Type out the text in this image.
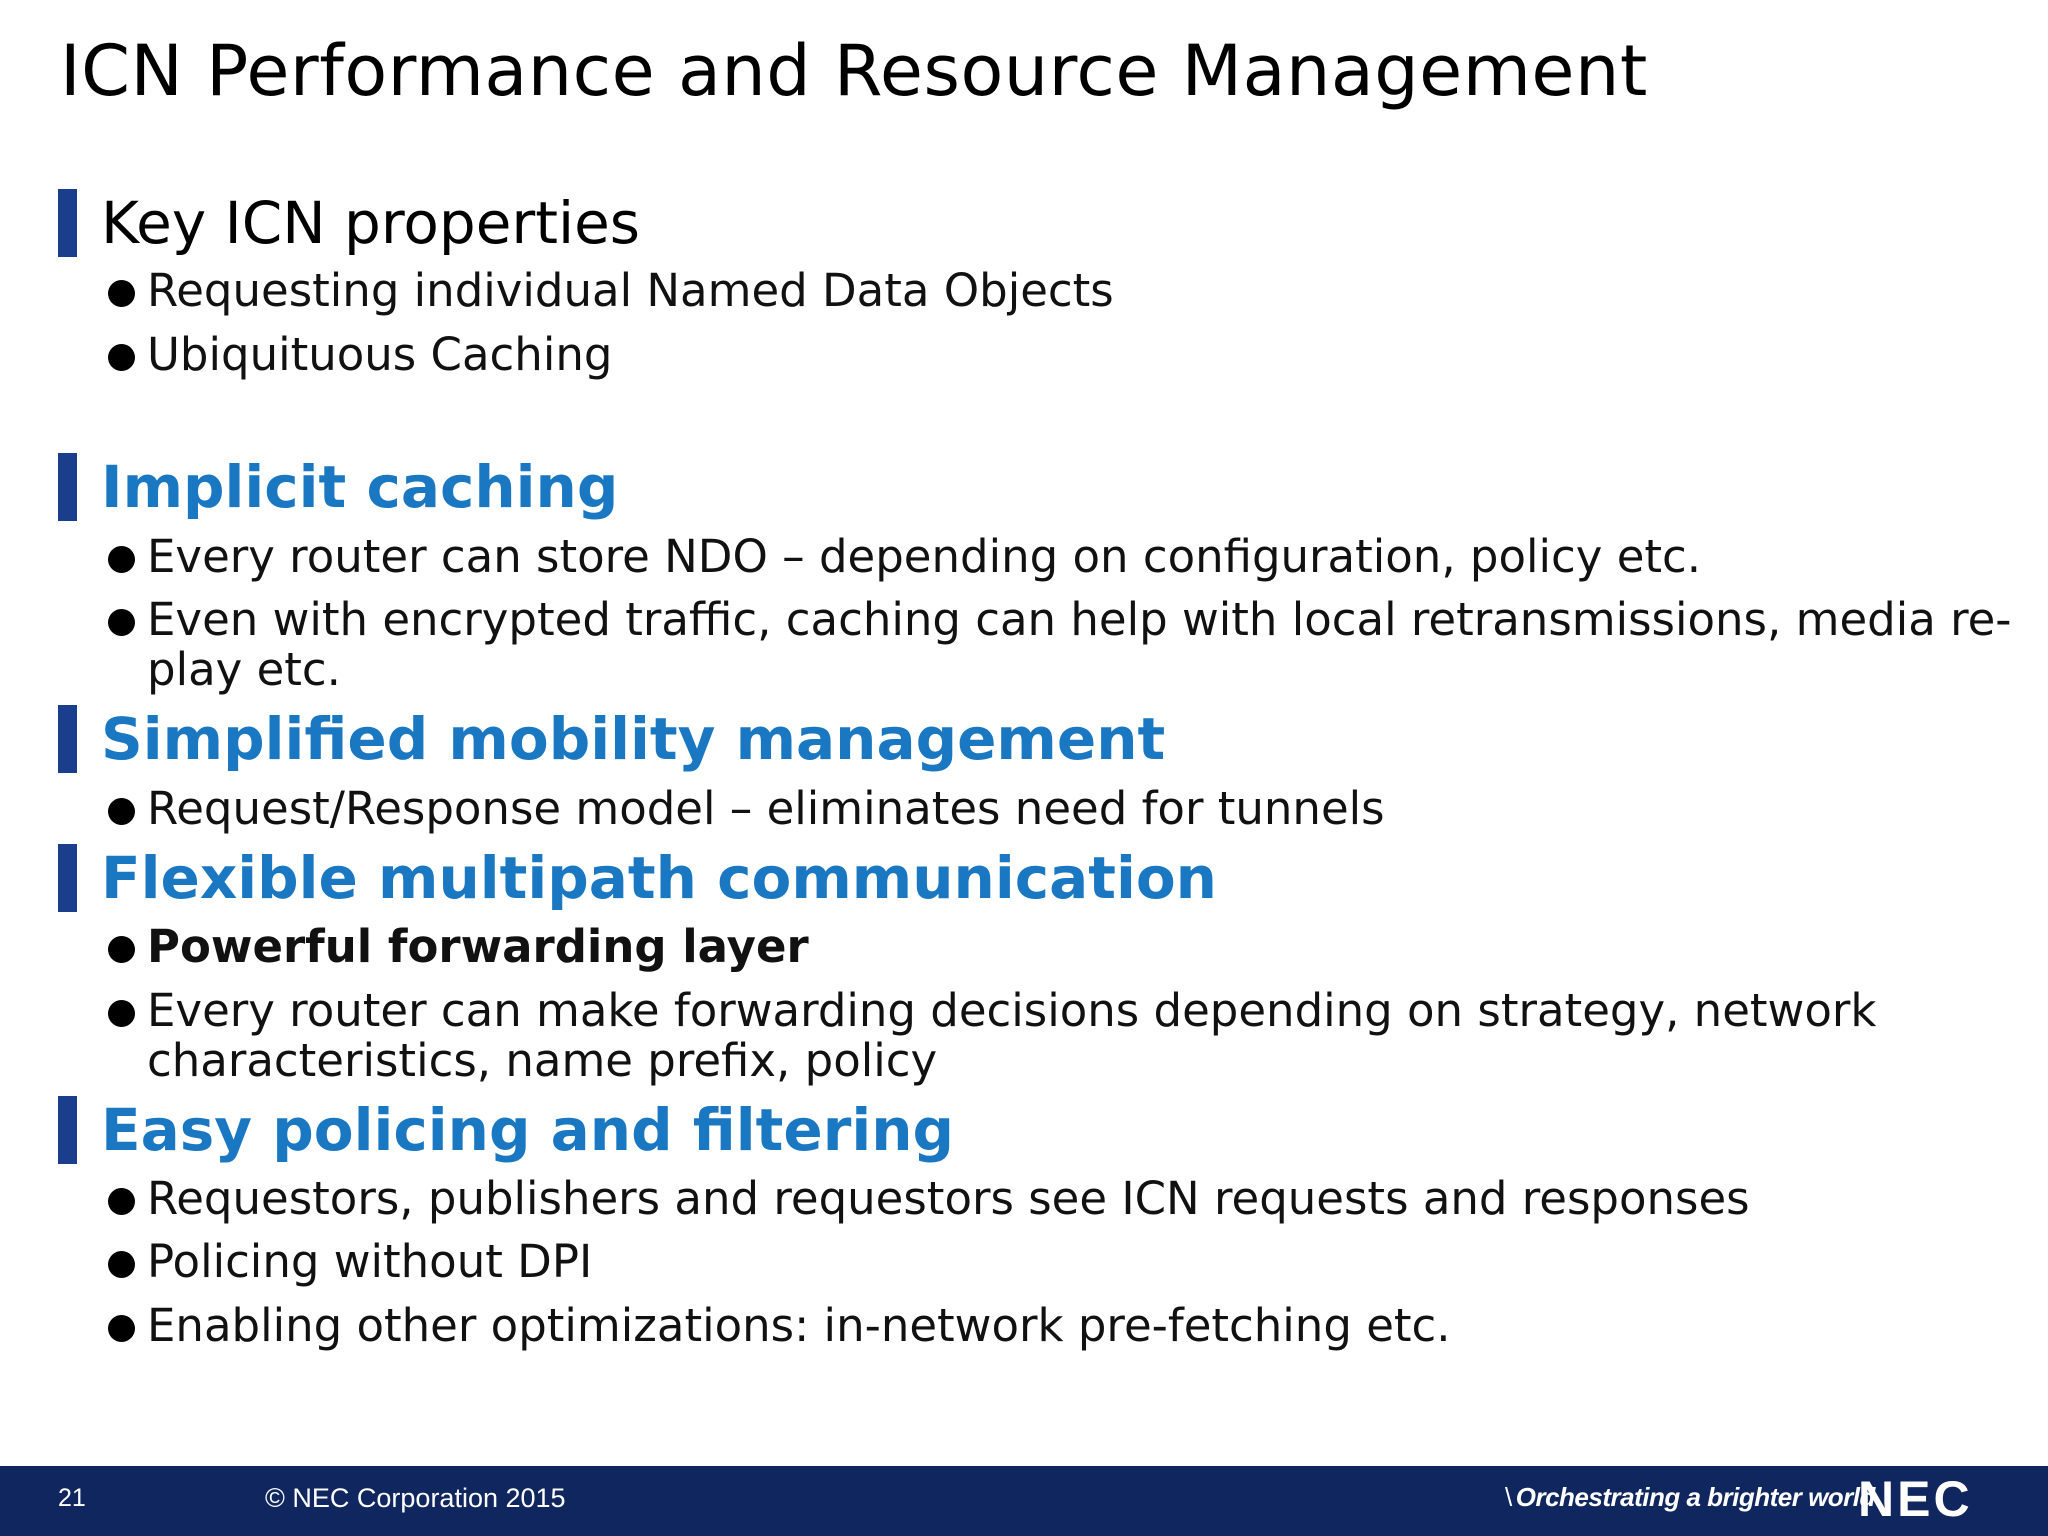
ICN Performance and Resource Management
Key ICN properties
Requesting individual Named Data Objects
Ubiquituous Caching
Implicit caching
Every router can store NDO – depending on configuration, policy etc.
Even with encrypted traffic, caching can help with local retransmissions, media re-play etc.
Simplified mobility management
Request/Response model – eliminates need for tunnels
Flexible multipath communication
Powerful forwarding layer
Every router can make forwarding decisions depending on strategy, network characteristics, name prefix, policy
Easy policing and filtering
Requestors, publishers and requestors see ICN requests and responses
Policing without DPI
Enabling other optimizations: in-network pre-fetching etc.
21	© NEC Corporation 2015	\ Orchestrating a brighter world
NEC
